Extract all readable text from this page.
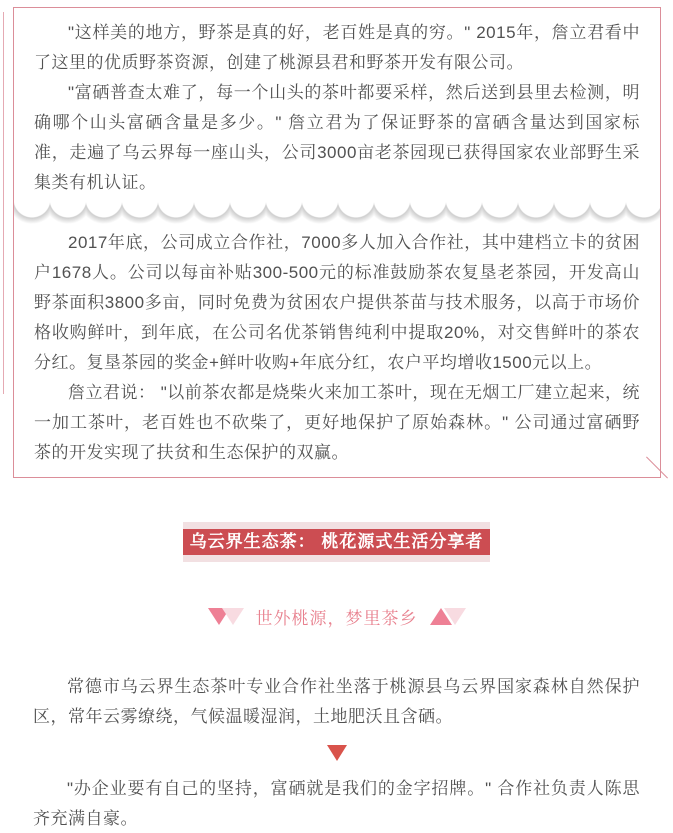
"这样美的地方，野茶是真的好，老百姓是真的穷。" 2015年，詹立君看中了这里的优质野茶资源，创建了桃源县君和野茶开发有限公司。

"富硒普查太难了，每一个山头的茶叶都要采样，然后送到县里去检测，明确哪个山头富硒含量是多少。" 詹立君为了保证野茶的富硒含量达到国家标准，走遍了乌云界每一座山头，公司3000亩老茶园现已获得国家农业部野生采集类有机认证。

2017年底，公司成立合作社，7000多人加入合作社，其中建档立卡的贫困户1678人。公司以每亩补贴300-500元的标准鼓励茶农复垦老茶园，开发高山野茶面积3800多亩，同时免费为贫困农户提供茶苗与技术服务，以高于市场价格收购鲜叶，到年底，在公司名优茶销售纯利中提取20%，对交售鲜叶的茶农分红。复垦茶园的奖金+鲜叶收购+年底分红，农户平均增收1500元以上。

詹立君说： "以前茶农都是烧柴火来加工茶叶，现在无烟工厂建立起来，统一加工茶叶，老百姓也不砍柴了，更好地保护了原始森林。" 公司通过富硒野茶的开发实现了扶贫和生态保护的双赢。

乌云界生态茶： 桃花源式生活分享者
世外桃源，梦里茶乡

常德市乌云界生态茶叶专业合作社坐落于桃源县乌云界国家森林自然保护区，常年云雾缭绕，气候温暖湿润，土地肥沃且含硒。

"办企业要有自己的坚持，富硒就是我们的金字招牌。" 合作社负责人陈思齐充满自豪。
